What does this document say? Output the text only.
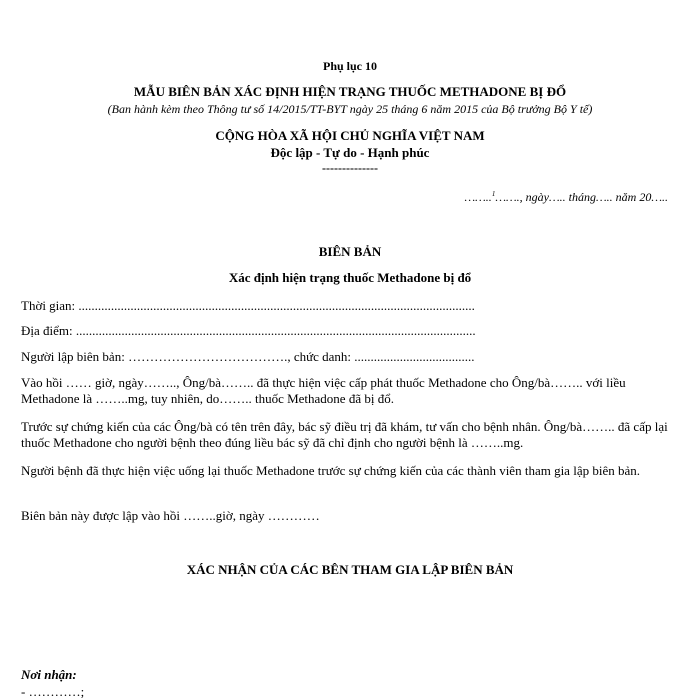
Phụ lục 10
MẪU BIÊN BẢN XÁC ĐỊNH HIỆN TRẠNG THUỐC METHADONE BỊ ĐỔ
(Ban hành kèm theo Thông tư số 14/2015/TT-BYT ngày 25 tháng 6 năm 2015 của Bộ trưởng Bộ Y tế)
CỘNG HÒA XÃ HỘI CHỦ NGHĨA VIỆT NAM
Độc lập - Tự do - Hạnh phúc
--------------
……..$^1$……., ngày….. tháng….. năm 20…..
BIÊN BẢN
Xác định hiện trạng thuốc Methadone bị đổ
Thời gian: ..........................................................................................................................
Địa điểm: ...........................................................................................................................
Người lập biên bản: ………………………………., chức danh: .....................................
Vào hồi …… giờ, ngày…….., Ông/bà…….. đã thực hiện việc cấp phát thuốc Methadone cho Ông/bà…….. với liều Methadone là ……..mg, tuy nhiên, do…….. thuốc Methadone đã bị đổ.
Trước sự chứng kiến của các Ông/bà có tên trên đây, bác sỹ điều trị đã khám, tư vấn cho bệnh nhân. Ông/bà…….. đã cấp lại thuốc Methadone cho người bệnh theo đúng liều bác sỹ đã chỉ định cho người bệnh là ……..mg.
Người bệnh đã thực hiện việc uống lại thuốc Methadone trước sự chứng kiến của các thành viên tham gia lập biên bản.
Biên bản này được lập vào hồi ……..giờ, ngày …………
XÁC NHẬN CỦA CÁC BÊN THAM GIA LẬP BIÊN BẢN
Nơi nhận:
- …………;
